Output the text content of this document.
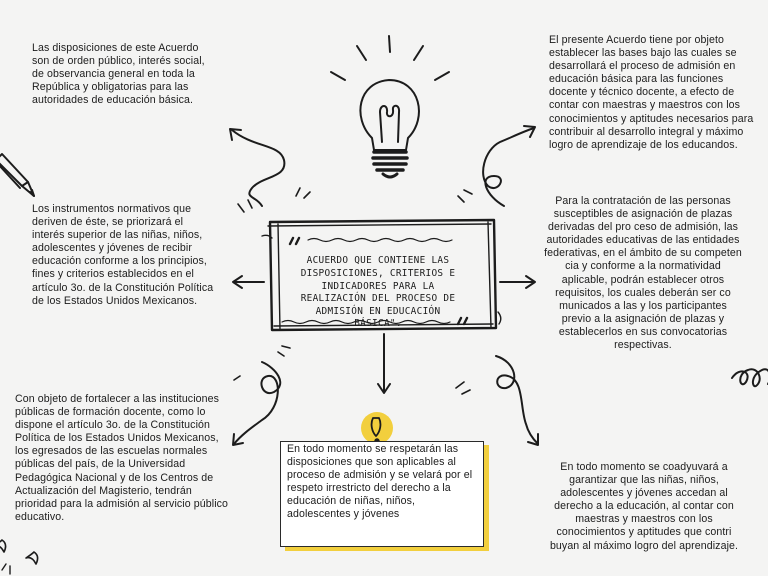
ACUERDO QUE CONTIENE LAS DISPOSICIONES, CRITERIOS E INDICADORES PARA LA REALIZACIÓN DEL PROCESO DE ADMISIÓN EN EDUCACIÓN BÁSICA".

Las disposiciones de este Acuerdo son de orden público, interés social, de observancia general en toda la República y obligatorias para las autoridades de educación básica.

Los instrumentos normativos que deriven de éste, se priorizará el interés superior de las niñas, niños, adolescentes y jóvenes de recibir educación conforme a los principios, fines y criterios establecidos en el artículo 3o. de la Constitución Política de los Estados Unidos Mexicanos.

Con objeto de fortalecer a las instituciones públicas de formación docente, como lo dispone el artículo 3o. de la Constitución Política de los Estados Unidos Mexicanos, los egresados de las escuelas normales públicas del país, de la Universidad Pedagógica Nacional y de los Centros de Actualización del Magisterio, tendrán prioridad para la admisión al servicio público educativo.

El presente Acuerdo tiene por objeto establecer las bases bajo las cuales se desarrollará el proceso de admisión en educación básica para las funciones docente y técnico docente, a efecto de contar con maestras y maestros con los conocimientos y aptitudes necesarios para contribuir al desarrollo integral y máximo logro de aprendizaje de los educandos.

Para la contratación de las personas susceptibles de asignación de plazas derivadas del pro ceso de admisión, las autoridades educativas de las entidades federativas, en el ámbito de su competen cia y conforme a la normatividad aplicable, podrán establecer otros requisitos, los cuales deberán ser co municados a las y los participantes previo a la asignación de plazas y establecerlos en sus convocatorias respectivas.

En todo momento se coadyuvará a garantizar que las niñas, niños, adolescentes y jóvenes accedan al derecho a la educación, al contar con maestras y maestros con los conocimientos y aptitudes que contri buyan al máximo logro del aprendizaje.

En todo momento se respetarán las disposiciones que son aplicables al proceso de admisión y se velará por el respeto irrestricto del derecho a la educación de niñas, niños, adolescentes y jóvenes
